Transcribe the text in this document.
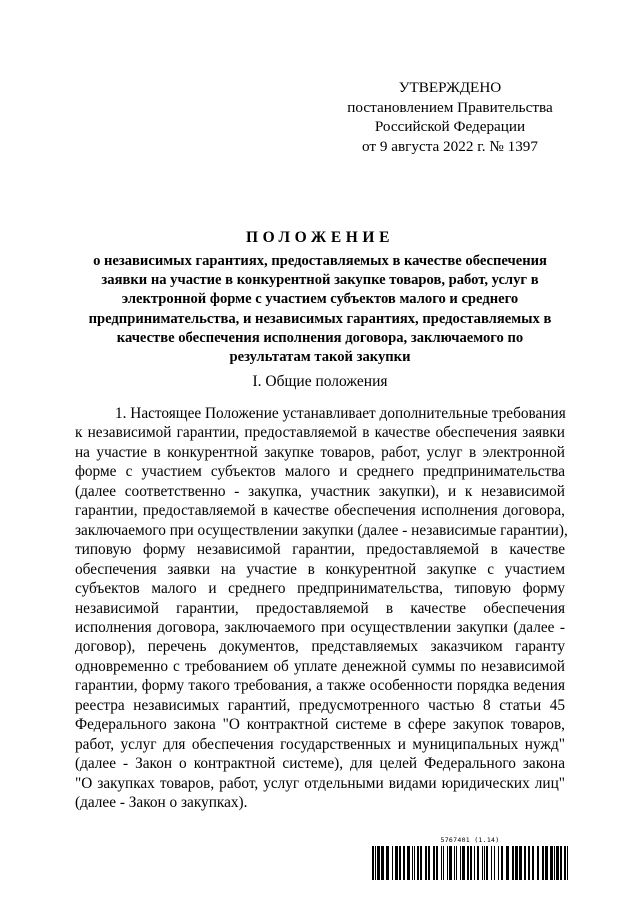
УТВЕРЖДЕНО
постановлением Правительства
Российской Федерации
от 9 августа 2022 г. № 1397
ПОЛОЖЕНИЕ
о независимых гарантиях, предоставляемых в качестве обеспечения
заявки на участие в конкурентной закупке товаров, работ, услуг в
электронной форме с участием субъектов малого и среднего
предпринимательства, и независимых гарантиях, предоставляемых в
качестве обеспечения исполнения договора, заключаемого по
результатам такой закупки
I. Общие положения
1. Настоящее Положение устанавливает дополнительные требования
к независимой гарантии, предоставляемой в качестве обеспечения заявки
на участие в конкурентной закупке товаров, работ, услуг в электронной
форме с участием субъектов малого и среднего предпринимательства
(далее соответственно - закупка, участник закупки), и к независимой
гарантии, предоставляемой в качестве обеспечения исполнения договора,
заключаемого при осуществлении закупки (далее - независимые гарантии),
типовую форму независимой гарантии, предоставляемой в качестве
обеспечения заявки на участие в конкурентной закупке с участием
субъектов малого и среднего предпринимательства, типовую форму
независимой гарантии, предоставляемой в качестве обеспечения
исполнения договора, заключаемого при осуществлении закупки (далее -
договор), перечень документов, представляемых заказчиком гаранту
одновременно с требованием об уплате денежной суммы по независимой
гарантии, форму такого требования, а также особенности порядка ведения
реестра независимых гарантий, предусмотренного частью 8 статьи 45
Федерального закона "О контрактной системе в сфере закупок товаров,
работ, услуг для обеспечения государственных и муниципальных нужд"
(далее - Закон о контрактной системе), для целей Федерального закона
"О закупках товаров, работ, услуг отдельными видами юридических лиц"
(далее - Закон о закупках).
5767401 (1.14)
